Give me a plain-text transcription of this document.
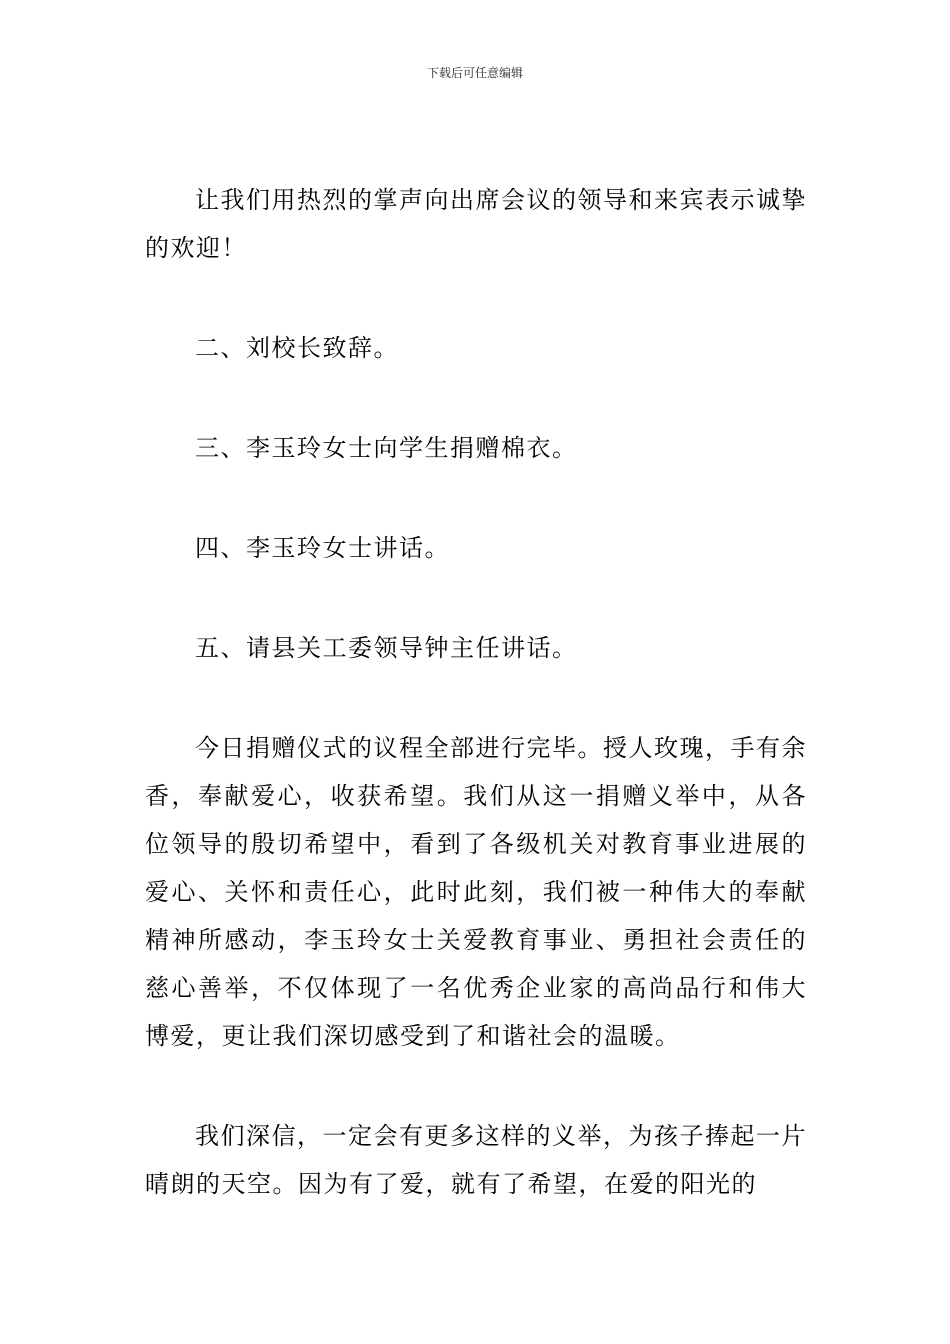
下载后可任意编辑

让我们用热烈的掌声向出席会议的领导和来宾表示诚挚的欢迎！

二、刘校长致辞。

三、李玉玲女士向学生捐赠棉衣。

四、李玉玲女士讲话。

五、请县关工委领导钟主任讲话。

今日捐赠仪式的议程全部进行完毕。授人玫瑰，手有余香，奉献爱心，收获希望。我们从这一捐赠义举中，从各位领导的殷切希望中，看到了各级机关对教育事业进展的爱心、关怀和责任心，此时此刻，我们被一种伟大的奉献精神所感动，李玉玲女士关爱教育事业、勇担社会责任的慈心善举，不仅体现了一名优秀企业家的高尚品行和伟大博爱，更让我们深切感受到了和谐社会的温暖。

我们深信，一定会有更多这样的义举，为孩子捧起一片晴朗的天空。因为有了爱，就有了希望，在爱的阳光的
